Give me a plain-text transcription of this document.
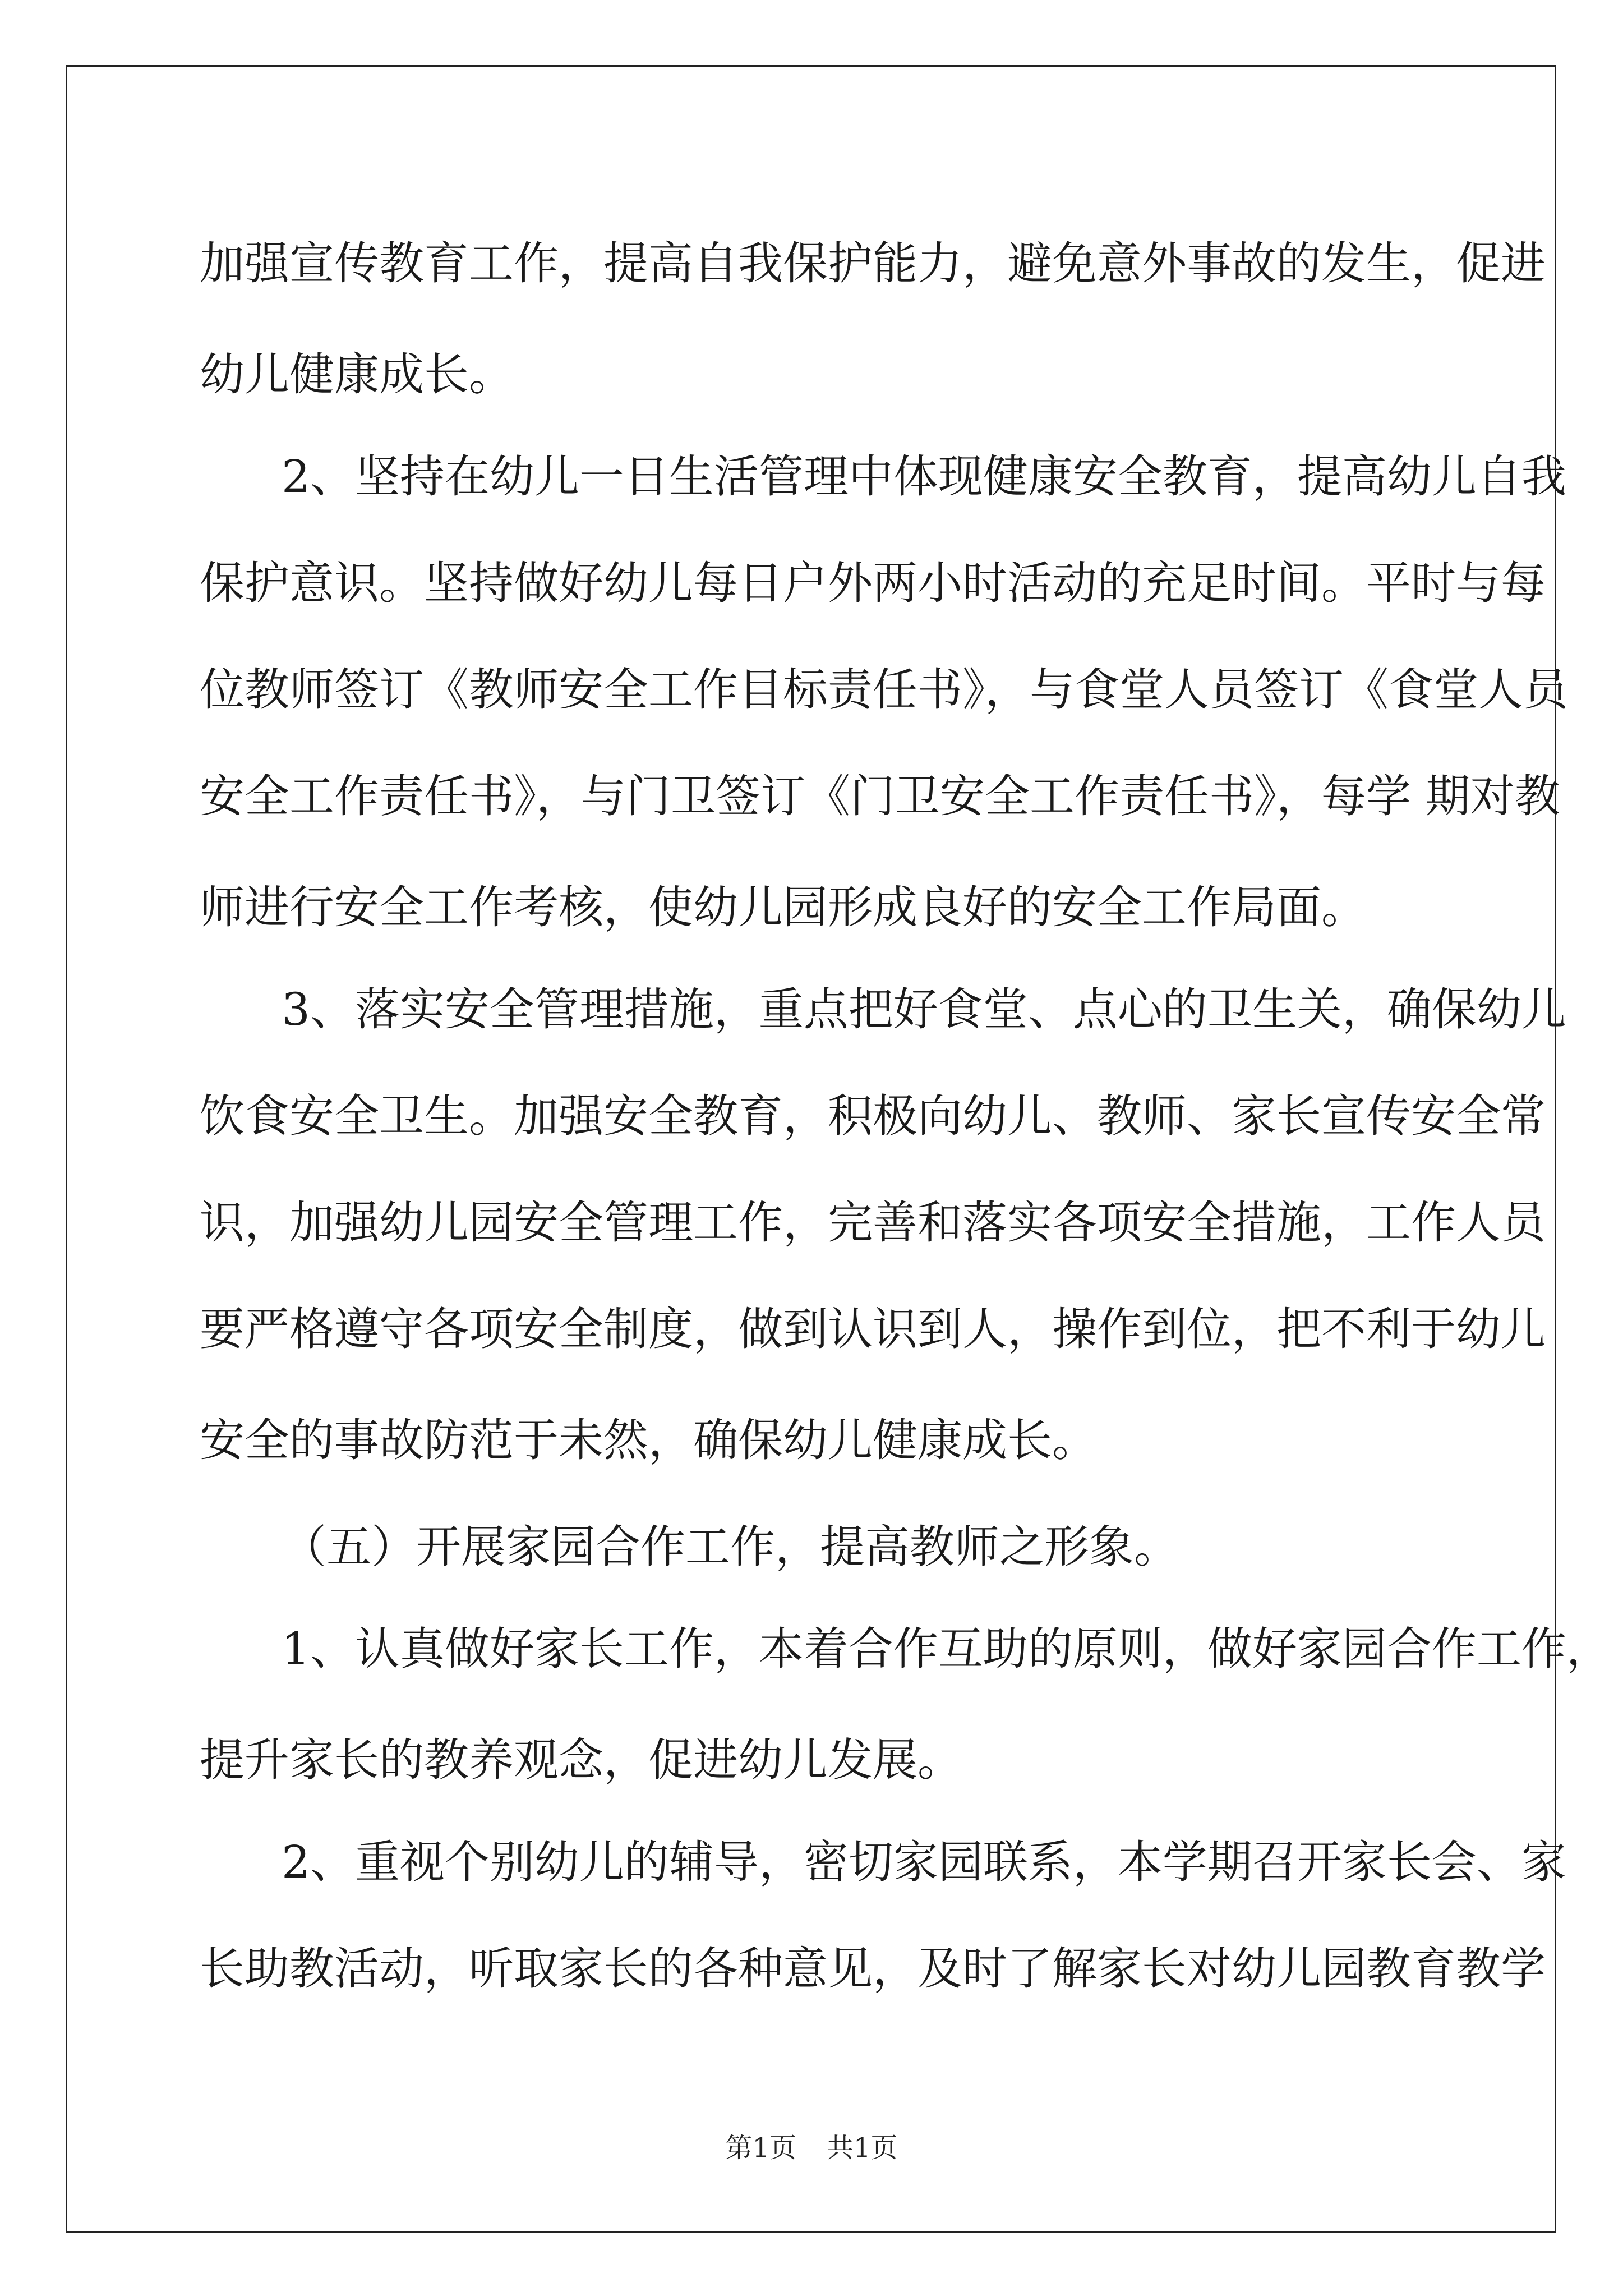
加强宣传教育工作，提高自我保护能力，避免意外事故的发生，促进
幼儿健康成长。
2、坚持在幼儿一日生活管理中体现健康安全教育，提高幼儿自我
保护意识。坚持做好幼儿每日户外两小时活动的充足时间。平时与每
位教师签订《教师安全工作目标责任书》，与食堂人员签订《食堂人员
安全工作责任书》，与门卫签订《门卫安全工作责任书》，每学 期对教
师进行安全工作考核，使幼儿园形成良好的安全工作局面。
3、落实安全管理措施，重点把好食堂、点心的卫生关，确保幼儿
饮食安全卫生。加强安全教育，积极向幼儿、教师、家长宣传安全常
识，加强幼儿园安全管理工作，完善和落实各项安全措施，工作人员
要严格遵守各项安全制度，做到认识到人，操作到位，把不利于幼儿
安全的事故防范于未然，确保幼儿健康成长。
（五）开展家园合作工作，提高教师之形象。
1、认真做好家长工作，本着合作互助的原则，做好家园合作工作，
提升家长的教养观念，促进幼儿发展。
2、重视个别幼儿的辅导，密切家园联系，本学期召开家长会、家
长助教活动，听取家长的各种意见，及时了解家长对幼儿园教育教学
第1页 共1页
